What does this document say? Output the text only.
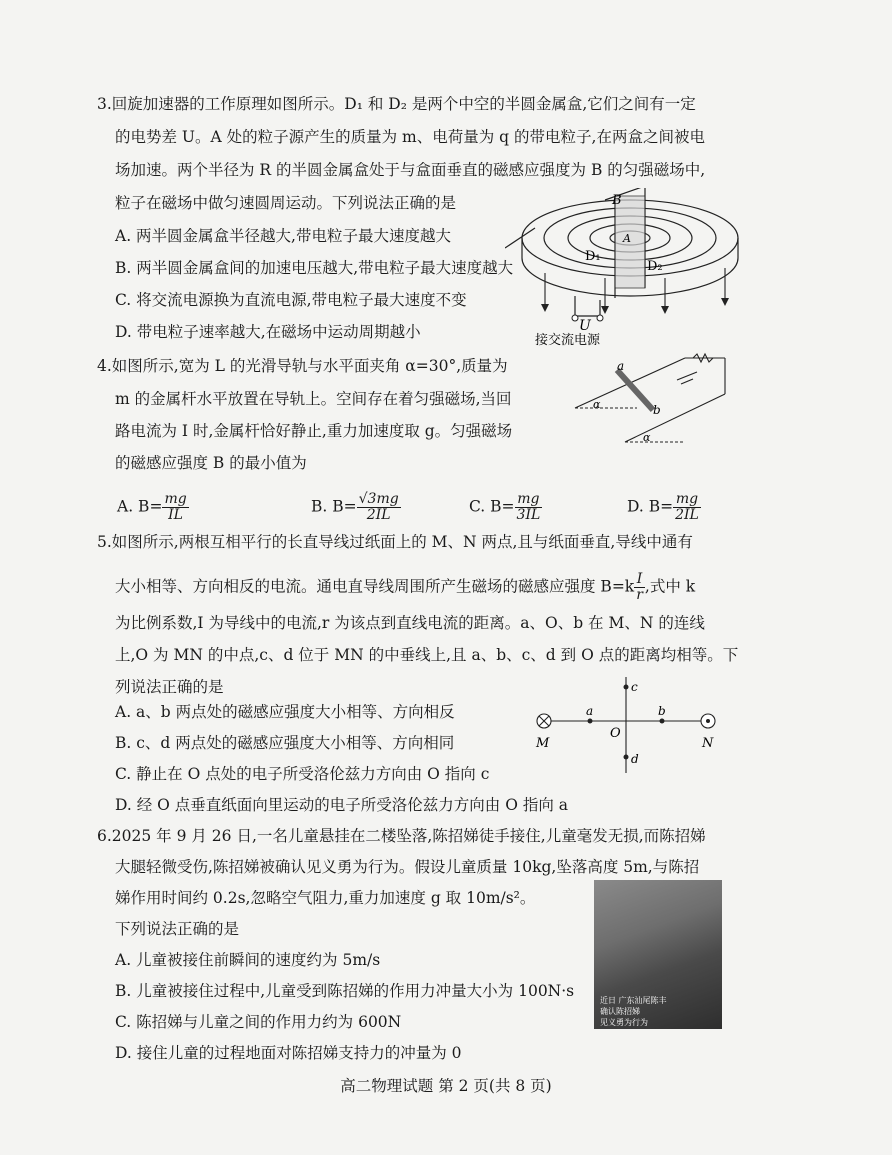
3.回旋加速器的工作原理如图所示。D₁ 和 D₂ 是两个中空的半圆金属盒,它们之间有一定
的电势差 U。A 处的粒子源产生的质量为 m、电荷量为 q 的带电粒子,在两盒之间被电
场加速。两个半径为 R 的半圆金属盒处于与盒面垂直的磁感应强度为 B 的匀强磁场中,
粒子在磁场中做匀速圆周运动。下列说法正确的是
A. 两半圆金属盒半径越大,带电粒子最大速度越大
B. 两半圆金属盒间的加速电压越大,带电粒子最大速度越大
C. 将交流电源换为直流电源,带电粒子最大速度不变
D. 带电粒子速率越大,在磁场中运动周期越小
B
D₁
D₂
A
U
接交流电源
4.如图所示,宽为 L 的光滑导轨与水平面夹角 α=30°,质量为
m 的金属杆水平放置在导轨上。空间存在着匀强磁场,当回
路电流为 I 时,金属杆恰好静止,重力加速度取 g。匀强磁场
的磁感应强度 B 的最小值为
A. $B= \frac{mg}{IL}$	B. $B= \frac{√3mg}{2IL}$	C. $B= \frac{mg}{3IL}$	D. $B= \frac{mg}{2IL}$
a
b
α
α
5.如图所示,两根互相平行的长直导线过纸面上的 M、N 两点,且与纸面垂直,导线中通有
大小相等、方向相反的电流。通电直导线周围所产生磁场的磁感应强度 $B=k \frac{I}{r}$ ,式中 k
为比例系数,I 为导线中的电流,r 为该点到直线电流的距离。a、O、b 在 M、N 的连线
上,O 为 MN 的中点,c、d 位于 MN 的中垂线上,且 a、b、c、d 到 O 点的距离均相等。下
列说法正确的是
A. a、b 两点处的磁感应强度大小相等、方向相反
B. c、d 两点处的磁感应强度大小相等、方向相同
C. 静止在 O 点处的电子所受洛伦兹力方向由 O 指向 c
D. 经 O 点垂直纸面向里运动的电子所受洛伦兹力方向由 O 指向 a
M	N
O
a	b
c
d
6.2025 年 9 月 26 日,一名儿童悬挂在二楼坠落,陈招娣徒手接住,儿童毫发无损,而陈招娣
大腿轻微受伤,陈招娣被确认见义勇为行为。假设儿童质量 10kg,坠落高度 5m,与陈招
娣作用时间约 0.2s,忽略空气阻力,重力加速度 g 取 10m/s²。
下列说法正确的是
A. 儿童被接住前瞬间的速度约为 5m/s
B. 儿童被接住过程中,儿童受到陈招娣的作用力冲量大小为 100N·s
C. 陈招娣与儿童之间的作用力约为 600N
D. 接住儿童的过程地面对陈招娣支持力的冲量为 0
近日 广东汕尾陈丰
确认陈招娣
见义勇为行为
高二物理试题 第 2 页(共 8 页)
